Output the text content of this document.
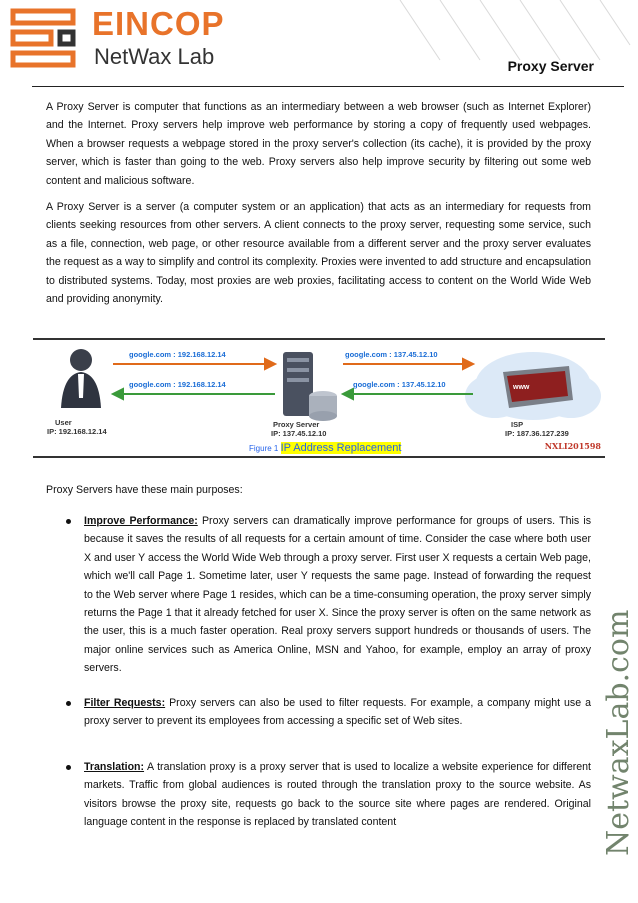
EINCOP
NetWax Lab	Proxy Server
A Proxy Server is computer that functions as an intermediary between a web browser (such as Internet Explorer) and the Internet. Proxy servers help improve web performance by storing a copy of frequently used webpages. When a browser requests a webpage stored in the proxy server's collection (its cache), it is provided by the proxy server, which is faster than going to the web. Proxy servers also help improve security by filtering out some web content and malicious software.
A Proxy Server is a server (a computer system or an application) that acts as an intermediary for requests from clients seeking resources from other servers. A client connects to the proxy server, requesting some service, such as a file, connection, web page, or other resource available from a different server and the proxy server evaluates the request as a way to simplify and control its complexity. Proxies were invented to add structure and encapsulation to distributed systems. Today, most proxies are web proxies, facilitating access to content on the World Wide Web and providing anonymity.
www
google.com : 192.168.12.14
google.com : 192.168.12.14
google.com : 137.45.12.10
google.com : 137.45.12.10
User
IP: 192.168.12.14
Proxy Server
IP: 137.45.12.10
ISP
IP: 187.36.127.239
Figure 1 IP Address Replacement	NXLI201598
Proxy Servers have these main purposes:
Improve Performance: Proxy servers can dramatically improve performance for groups of users. This is because it saves the results of all requests for a certain amount of time. Consider the case where both user X and user Y access the World Wide Web through a proxy server. First user X requests a certain Web page, which we'll call Page 1. Sometime later, user Y requests the same page. Instead of forwarding the request to the Web server where Page 1 resides, which can be a time-consuming operation, the proxy server simply returns the Page 1 that it already fetched for user X. Since the proxy server is often on the same network as the user, this is a much faster operation. Real proxy servers support hundreds or thousands of users. The major online services such as America Online, MSN and Yahoo, for example, employ an array of proxy servers.
Filter Requests: Proxy servers can also be used to filter requests. For example, a company might use a proxy server to prevent its employees from accessing a specific set of Web sites.
Translation: A translation proxy is a proxy server that is used to localize a website experience for different markets. Traffic from global audiences is routed through the translation proxy to the source website. As visitors browse the proxy site, requests go back to the source site where pages are rendered. Original language content in the response is replaced by translated content	NetwaxLab.com
